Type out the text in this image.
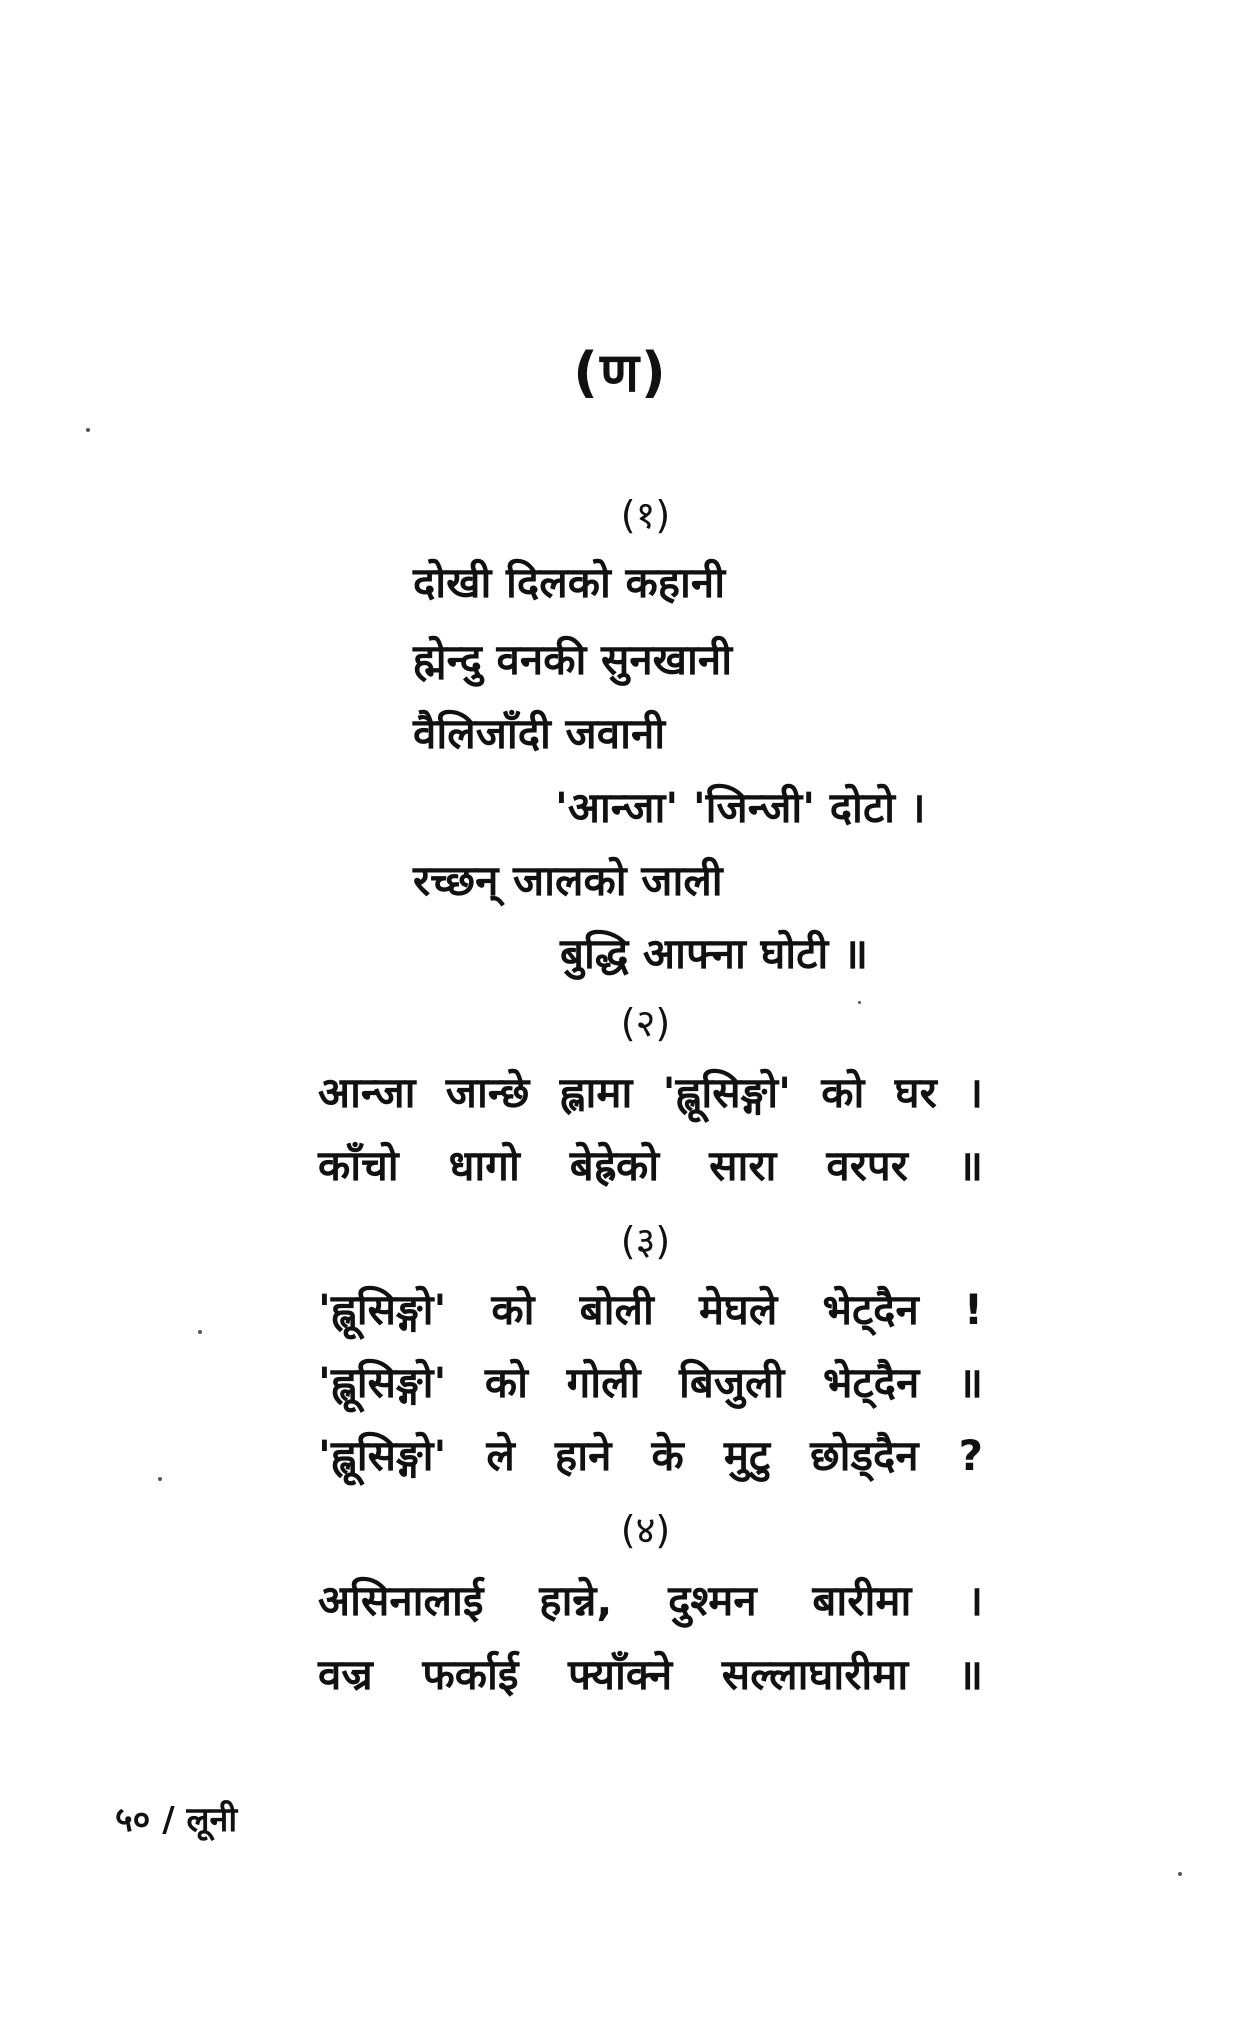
(ण)
(१)
दोखी दिलको कहानी
ह्मेन्दु वनकी सुनखानी
वैलिजाँदी जवानी
'आन्जा' 'जिन्जी' दोटो ।
रच्छन् जालको जाली
बुद्धि आफ्ना घोटी ॥
(२)
आन्जा जान्छे ह्लामा 'ह्लूसिङ्गो' को घर ।
काँचो धागो बेह्रेको सारा वरपर ॥
(३)
'ह्लूसिङ्गो' को बोली मेघले भेट्दैन !
'ह्लूसिङ्गो' को गोली बिजुली भेट्दैन ॥
'ह्लूसिङ्गो' ले हाने के मुटु छोड्दैन ?
(४)
असिनालाई हान्ने, दुश्मन बारीमा ।
वज्र फर्काई फ्याँक्ने सल्लाघारीमा ॥
५० / लूनी
